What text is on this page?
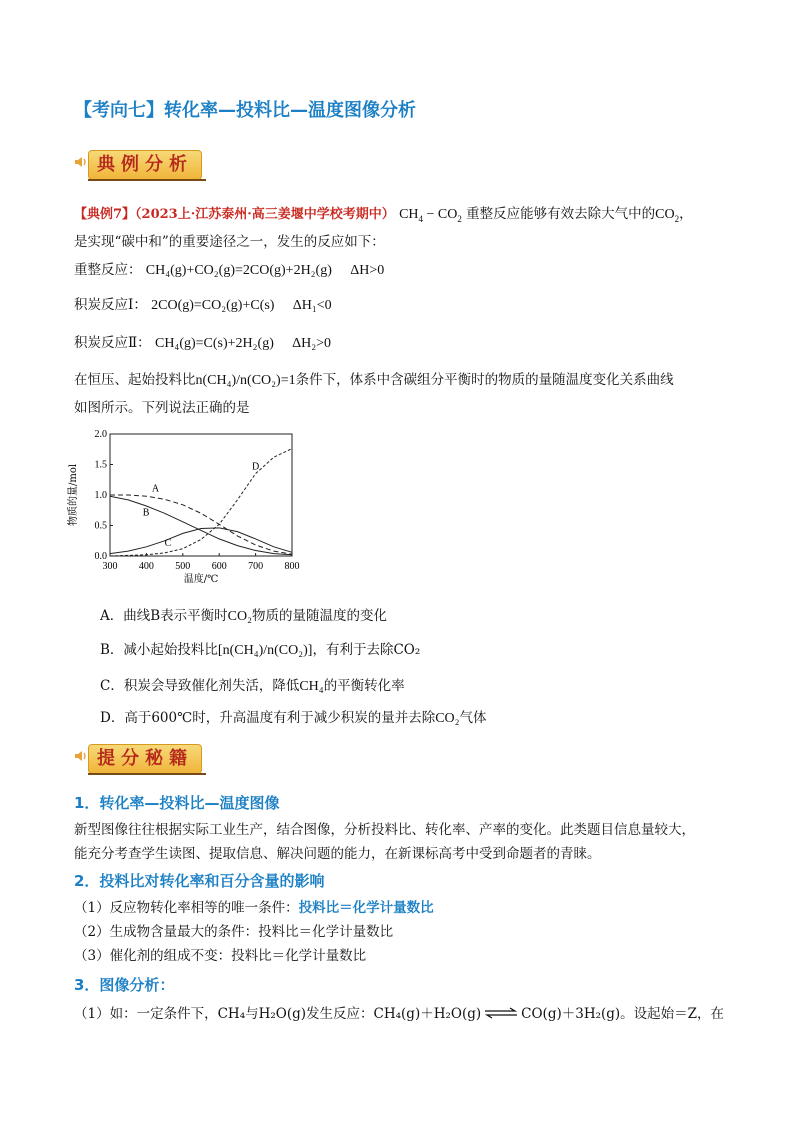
【考向七】转化率—投料比—温度图像分析
典例分析
【典例7】（2023上·江苏泰州·高三姜堰中学校考期中） $CH_4 - CO_2$ 重整反应能够有效去除大气中的$CO_2$，
是实现“碳中和”的重要途径之一，发生的反应如下：
重整反应： CH₄(g)+CO₂(g)=2CO(g)+2H₂(g) ΔH>0
积炭反应Ⅰ： 2CO(g)=CO₂(g)+C(s) ΔH₁<0
积炭反应Ⅱ： CH₄(g)=C(s)+2H₂(g) ΔH₂>0
在恒压、起始投料比n(CH₄)/n(CO₂)=1条件下，体系中含碳组分平衡时的物质的量随温度变化关系曲线
如图所示。下列说法正确的是
300 400 500 600 700 800
0.0
0.5
1.0
1.5
2.0
温度/℃
物质的量/mol	A
B
C
D
A．曲线B表示平衡时CO₂物质的量随温度的变化
B．减小起始投料比[n(CH₄)/n(CO₂)]，有利于去除CO₂
C．积炭会导致催化剂失活，降低CH₄的平衡转化率
D．高于600℃时，升高温度有利于减少积炭的量并去除CO₂气体
提分秘籍
1．转化率—投料比—温度图像
新型图像往往根据实际工业生产，结合图像，分析投料比、转化率、产率的变化。此类题目信息量较大，
能充分考查学生读图、提取信息、解决问题的能力，在新课标高考中受到命题者的青睐。
2．投料比对转化率和百分含量的影响
（1）反应物转化率相等的唯一条件：投料比＝化学计量数比
（2）生成物含量最大的条件：投料比＝化学计量数比
（3）催化剂的组成不变：投料比＝化学计量数比
3．图像分析：
（1）如：一定条件下，CH₄与H₂O(g)发生反应：CH₄(g)＋H₂O(g)⇌CO(g)＋3H₂(g)。设起始＝Z，在
